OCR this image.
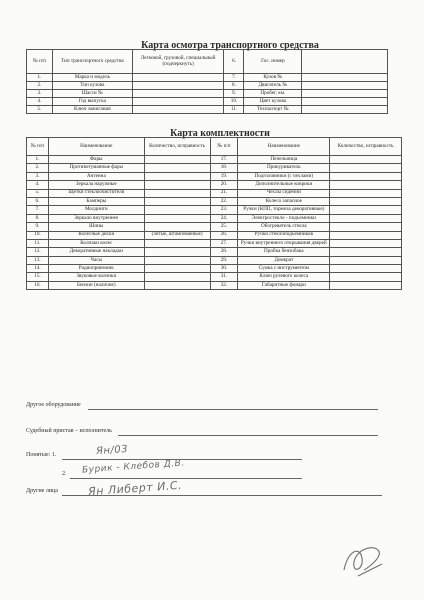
Карта осмотра транспортного средства
№ п/п	Тип транспортного средства	Легковой, грузовой, специальный (подчеркнуть)	6.	Гос. номер	
1.	Марка и модель		7.	Кузов №	
2.	Тип кузова		8.	Двигатель №	
3.	Шасси №		9.	Пробег, км.	
4.	Год выпуска		10.	Цвет кузова	
5.	Ключ зажигания		11.	Техпаспорт №	
Карта комплектности
№ п/п	Наименование	Количество, исправность	№ п/п	Наименование	Количество, исправность
1.	Фары		17.	Пепельница	
2.	Противотуманные фары		18.	Прикуриватель	
3.	Антенна		19.	Подголовники (с чехлами)	
4.	Зеркала наружные		20.	Дополнительные коврики	
5.	Щетки стеклоочистителя		21.	Чехлы сидений	
6.	Бамперы		22.	Колесо запасное	
7.	Молдинги		23.	Ручки (КПП, тормоза декоративные)	
8.	Зеркало внутреннее		24.	Электростекло - подъемники	
9.	Шины		25.	Обогреватель стекла	
10.	Колесные диски	(литые, штампованные)	26.	Ручки стеклоподъемников	
11.	Колпаки колес		27.	Ручки внутреннего открывания дверей	
12.	Декоративные накладки		28.	Пробка бензобака	
13.	Часы		29.	Домкрат	
14.	Радиоприемник		30.	Сумка с инструментом	
15.	Звуковые колонки		31.	Ключ рулевого колеса	
16.	Бензин (наличие)		32.	Габаритные фонари	
Другое оборудование
Судебный пристав – исполнитель
Понятые: 1.
2.
Другие лица
Ян/03
Бурик - Клебов Д.В.
Ян Либерт И.С.
